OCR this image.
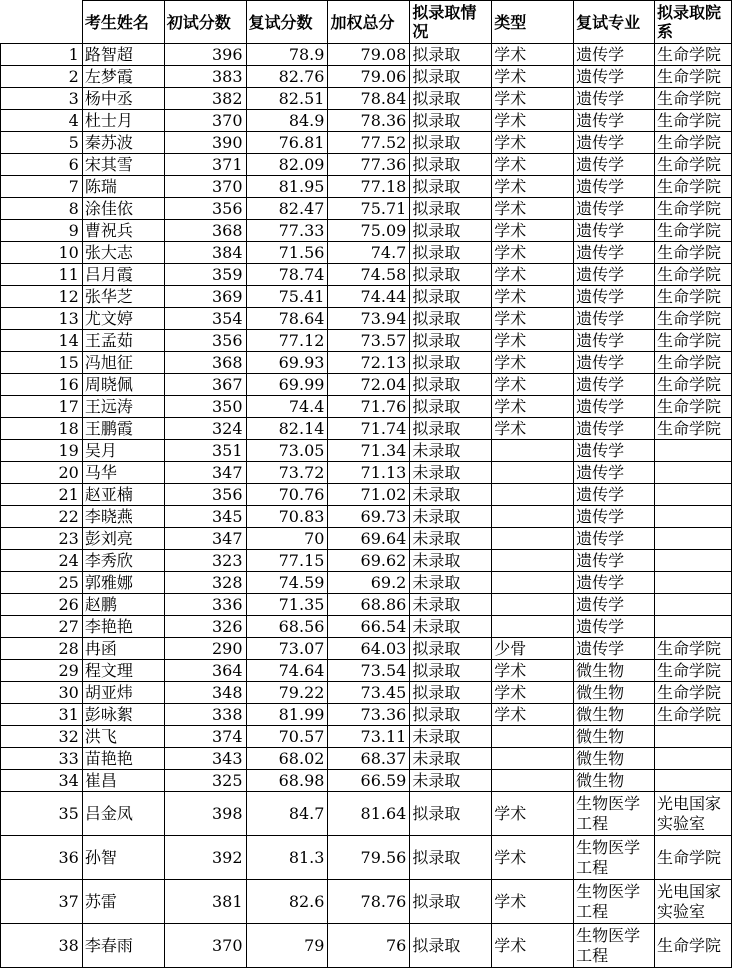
	考生姓名	初试分数	复试分数	加权总分	拟录取情况	类型	复试专业	拟录取院系
1	路智超	396	78.9	79.08	拟录取	学术	遗传学	生命学院
2	左梦霞	383	82.76	79.06	拟录取	学术	遗传学	生命学院
3	杨中丞	382	82.51	78.84	拟录取	学术	遗传学	生命学院
4	杜士月	370	84.9	78.36	拟录取	学术	遗传学	生命学院
5	秦苏波	390	76.81	77.52	拟录取	学术	遗传学	生命学院
6	宋其雪	371	82.09	77.36	拟录取	学术	遗传学	生命学院
7	陈瑞	370	81.95	77.18	拟录取	学术	遗传学	生命学院
8	涂佳依	356	82.47	75.71	拟录取	学术	遗传学	生命学院
9	曹祝兵	368	77.33	75.09	拟录取	学术	遗传学	生命学院
10	张大志	384	71.56	74.7	拟录取	学术	遗传学	生命学院
11	吕月霞	359	78.74	74.58	拟录取	学术	遗传学	生命学院
12	张华芝	369	75.41	74.44	拟录取	学术	遗传学	生命学院
13	尤文婷	354	78.64	73.94	拟录取	学术	遗传学	生命学院
14	王孟茹	356	77.12	73.57	拟录取	学术	遗传学	生命学院
15	冯旭征	368	69.93	72.13	拟录取	学术	遗传学	生命学院
16	周晓佩	367	69.99	72.04	拟录取	学术	遗传学	生命学院
17	王远涛	350	74.4	71.76	拟录取	学术	遗传学	生命学院
18	王鹏霞	324	82.14	71.74	拟录取	学术	遗传学	生命学院
19	吴月	351	73.05	71.34	未录取		遗传学	
20	马华	347	73.72	71.13	未录取		遗传学	
21	赵亚楠	356	70.76	71.02	未录取		遗传学	
22	李晓燕	345	70.83	69.73	未录取		遗传学	
23	彭刘亮	347	70	69.64	未录取		遗传学	
24	李秀欣	323	77.15	69.62	未录取		遗传学	
25	郭雅娜	328	74.59	69.2	未录取		遗传学	
26	赵鹏	336	71.35	68.86	未录取		遗传学	
27	李艳艳	326	68.56	66.54	未录取		遗传学	
28	冉函	290	73.07	64.03	拟录取	少骨	遗传学	生命学院
29	程文理	364	74.64	73.54	拟录取	学术	微生物	生命学院
30	胡亚炜	348	79.22	73.45	拟录取	学术	微生物	生命学院
31	彭咏絮	338	81.99	73.36	拟录取	学术	微生物	生命学院
32	洪飞	374	70.57	73.11	未录取		微生物	
33	苗艳艳	343	68.02	68.37	未录取		微生物	
34	崔昌	325	68.98	66.59	未录取		微生物	
35	吕金凤	398	84.7	81.64	拟录取	学术	生物医学工程	光电国家实验室
36	孙智	392	81.3	79.56	拟录取	学术	生物医学工程	生命学院
37	苏雷	381	82.6	78.76	拟录取	学术	生物医学工程	光电国家实验室
38	李春雨	370	79	76	拟录取	学术	生物医学工程	生命学院
